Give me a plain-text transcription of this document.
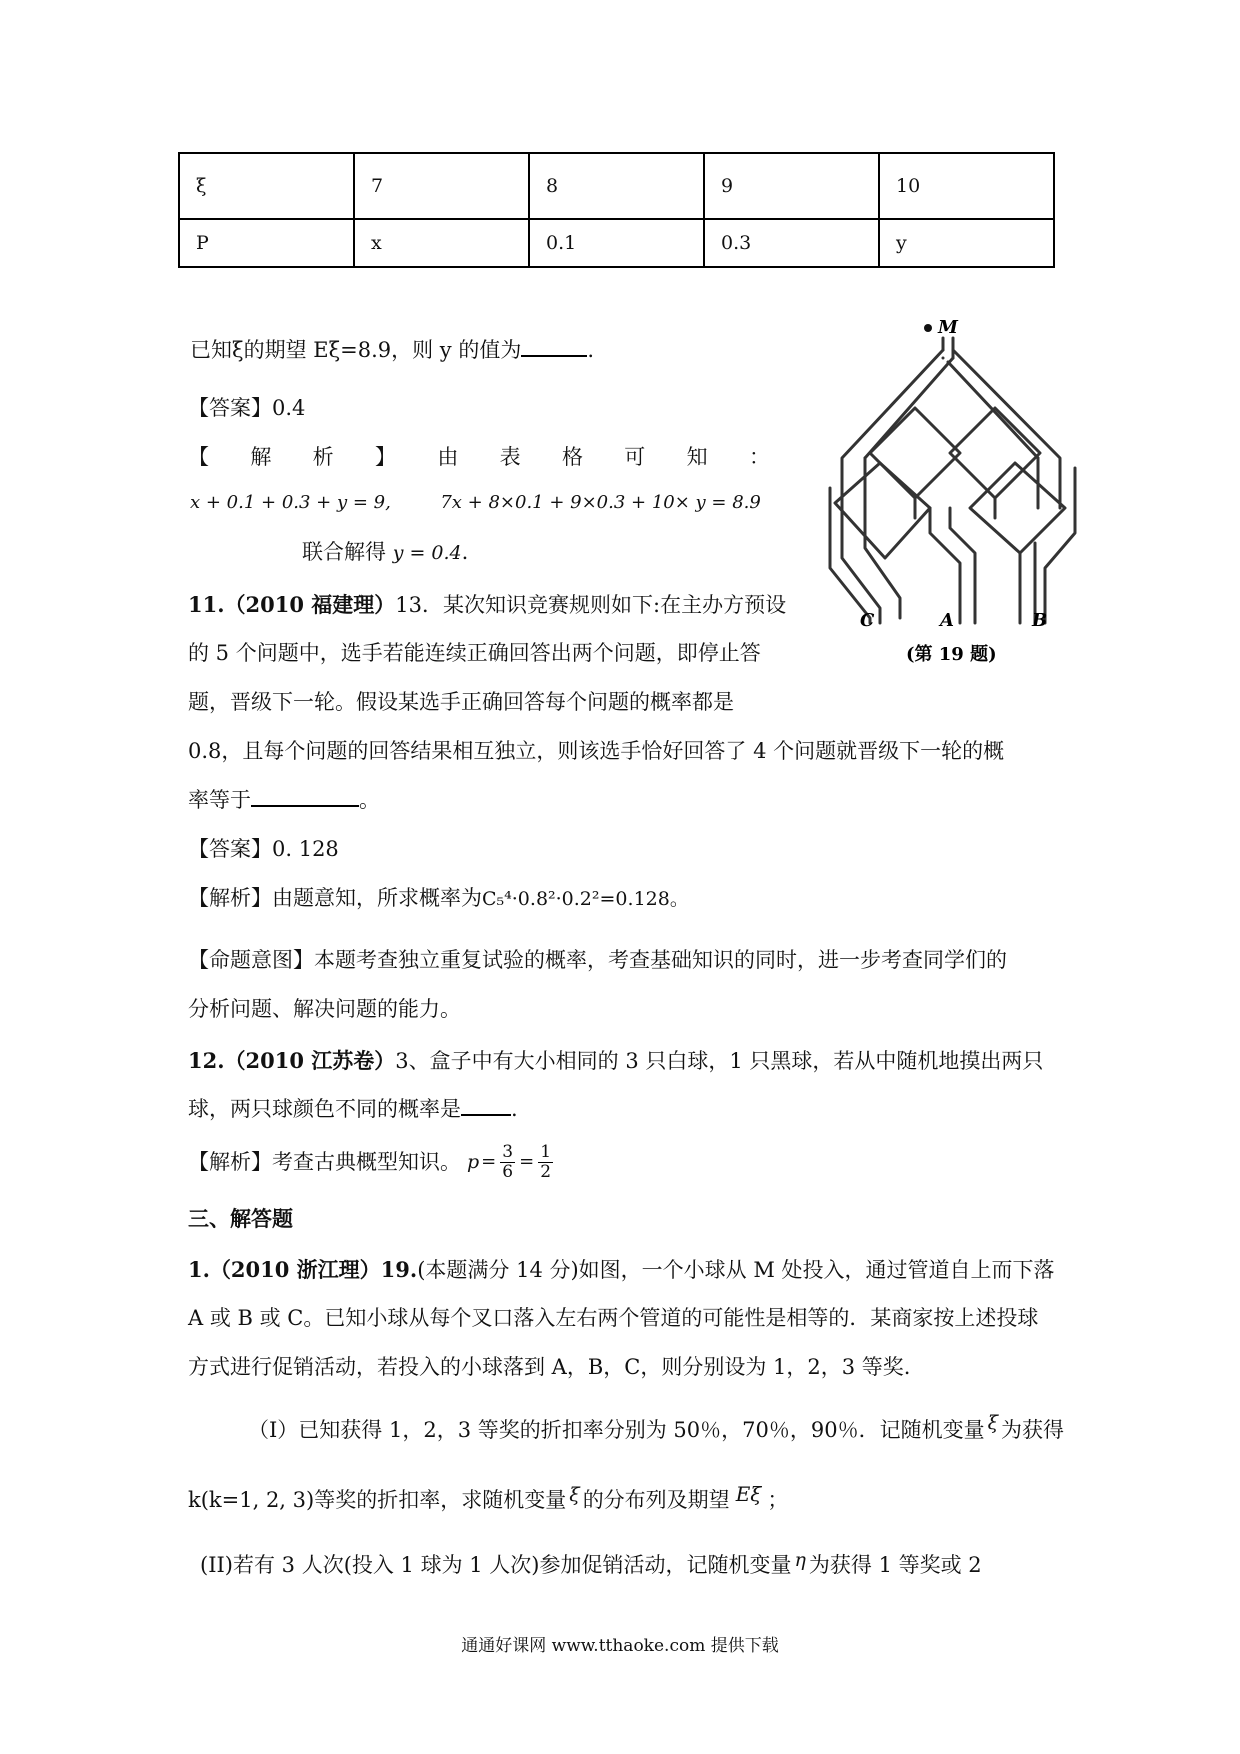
ξ	7	8	9	10
P	x	0.1	0.3	y
已知ξ的期望 Eξ=8.9，则 y 的值为	.
【答案】0.4
【 解 析 】 由 表 格 可 知 ：
x + 0.1 + 0.3 + y = 9,	7x + 8×0.1 + 9×0.3 + 10× y = 8.9
联合解得 y = 0.4.
M
C	A	B
(第 19 题)
11.（2010 福建理）13．某次知识竞赛规则如下:在主办方预设
的 5 个问题中，选手若能连续正确回答出两个问题，即停止答
题，晋级下一轮。假设某选手正确回答每个问题的概率都是
0.8，且每个问题的回答结果相互独立，则该选手恰好回答了 4 个问题就晋级下一轮的概
率等于	。
【答案】0. 128
【解析】由题意知，所求概率为C₅⁴·0.8²·0.2²=0.128。
【命题意图】本题考查独立重复试验的概率，考查基础知识的同时，进一步考查同学们的
分析问题、解决问题的能力。
12.（2010 江苏卷）3、盒子中有大小相同的 3 只白球，1 只黑球，若从中随机地摸出两只
球，两只球颜色不同的概率是 .
【解析】考查古典概型知识。 $p = \frac{3}{6} = \frac{1}{2}$
三、解答题
1.（2010 浙江理）19.(本题满分 14 分)如图，一个小球从 M 处投入，通过管道自上而下落
A 或 B 或 C。已知小球从每个叉口落入左右两个管道的可能性是相等的．某商家按上述投球
方式进行促销活动，若投入的小球落到 A，B，C，则分别设为 1，2，3 等奖.
（I）已知获得 1，2，3 等奖的折扣率分别为 50％，70％，90％．记随机变量 ξ 为获得
k(k=1, 2, 3)等奖的折扣率，求随机变量 ξ 的分布列及期望 Eξ ；
(II)若有 3 人次(投入 1 球为 1 人次)参加促销活动，记随机变量 η 为获得 1 等奖或 2
通通好课网 www.tthaoke.com 提供下载
